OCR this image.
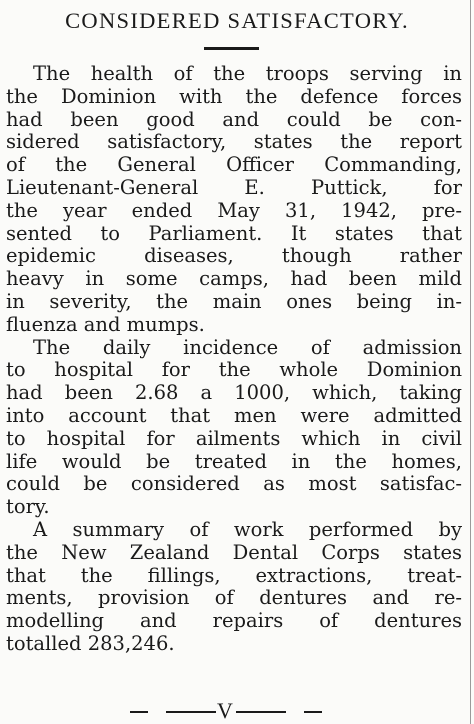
CONSIDERED SATISFACTORY.
The health of the troops serving in
the Dominion with the defence forces
had been good and could be con-
sidered satisfactory, states the report
of the General Officer Commanding,
Lieutenant-General E. Puttick, for
the year ended May 31, 1942, pre-
sented to Parliament. It states that
epidemic diseases, though rather
heavy in some camps, had been mild
in severity, the main ones being in-
fluenza and mumps.
The daily incidence of admission
to hospital for the whole Dominion
had been 2.68 a 1000, which, taking
into account that men were admitted
to hospital for ailments which in civil
life would be treated in the homes,
could be considered as most satisfac-
tory.
A summary of work performed by
the New Zealand Dental Corps states
that the fillings, extractions, treat-
ments, provision of dentures and re-
modelling and repairs of dentures
totalled 283,246.
V
